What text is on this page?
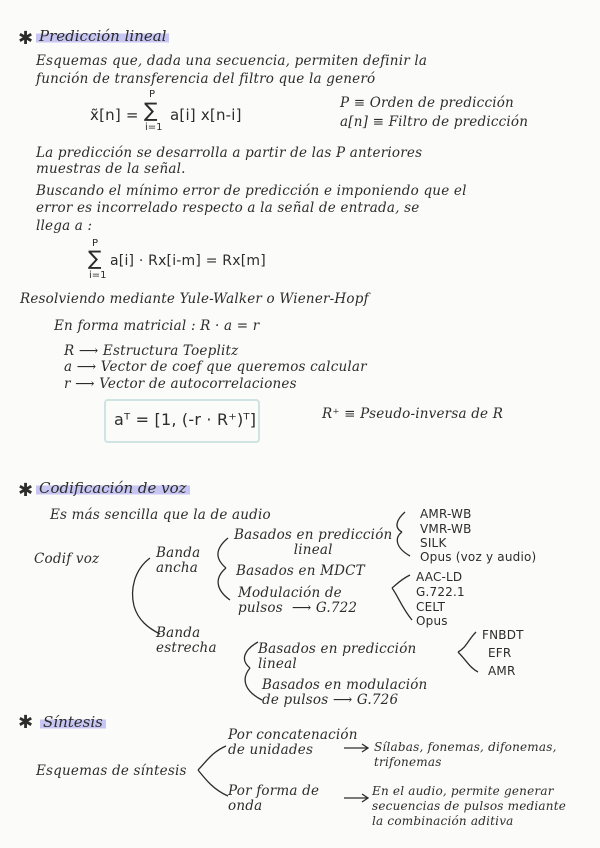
✱ Predicción lineal
Esquemas que, dada una secuencia, permiten definir la
función de transferencia del filtro que la generó
x̃[n] =
P
∑
i=1
a[i] x[n-i]
P ≡ Orden de predicción
a[n] ≡ Filtro de predicción
La predicción se desarrolla a partir de las P anteriores
muestras de la señal.
Buscando el mínimo error de predicción e imponiendo que el
error es incorrelado respecto a la señal de entrada, se
llega a :
P
∑
i=1
a[i] · Rx[i-m] = Rx[m]
Resolviendo mediante Yule-Walker o Wiener-Hopf
En forma matricial : R · a = r
R ⟶ Estructura Toeplitz
a ⟶ Vector de coef que queremos calcular
r ⟶ Vector de autocorrelaciones
aᵀ = [1, (-r · R⁺)ᵀ]	R⁺ ≡ Pseudo-inversa de R
✱ Codificación de voz
Es más sencilla que la de audio
Codif voz	Banda
ancha
Banda
estrecha
Basados en predicción
lineal
Basados en MDCT
Modulación de
pulsos  ⟶ G.722
AMR-WB
VMR-WB
SILK
Opus (voz y audio)
AAC-LD
G.722.1
CELT
Opus
Basados en predicción
lineal
Basados en modulación
de pulsos ⟶ G.726
FNBDT
EFR
AMR
✱ Síntesis
Esquemas de síntesis
Por concatenación
de unidades	Sílabas, fonemas, difonemas,
trifonemas
Por forma de
onda
En el audio, permite generar
secuencias de pulsos mediante
la combinación aditiva
